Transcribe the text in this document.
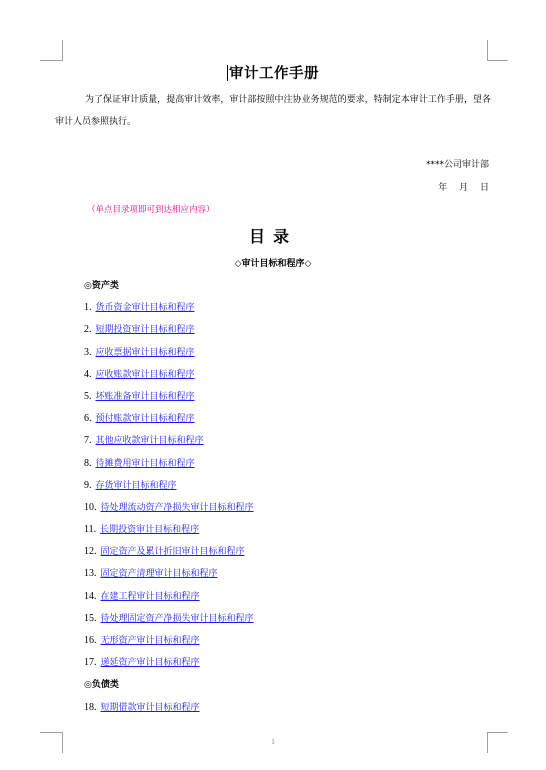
审计工作手册
为了保证审计质量，提高审计效率，审计部按照中注协业务规范的要求，特制定本审计工作手册，望各审计人员参照执行。
****公司审计部
年 月 日
（单点目录项即可到达相应内容）
目录
◇审计目标和程序◇
◎资产类
1. 货币资金审计目标和程序
2. 短期投资审计目标和程序
3. 应收票据审计目标和程序
4. 应收账款审计目标和程序
5. 坏账准备审计目标和程序
6. 预付账款审计目标和程序
7. 其他应收款审计目标和程序
8. 待摊费用审计目标和程序
9. 存货审计目标和程序
10. 待处理流动资产净损失审计目标和程序
11. 长期投资审计目标和程序
12. 固定资产及累计折旧审计目标和程序
13. 固定资产清理审计目标和程序
14. 在建工程审计目标和程序
15. 待处理固定资产净损失审计目标和程序
16. 无形资产审计目标和程序
17. 递延资产审计目标和程序
◎负债类
18. 短期借款审计目标和程序
1
